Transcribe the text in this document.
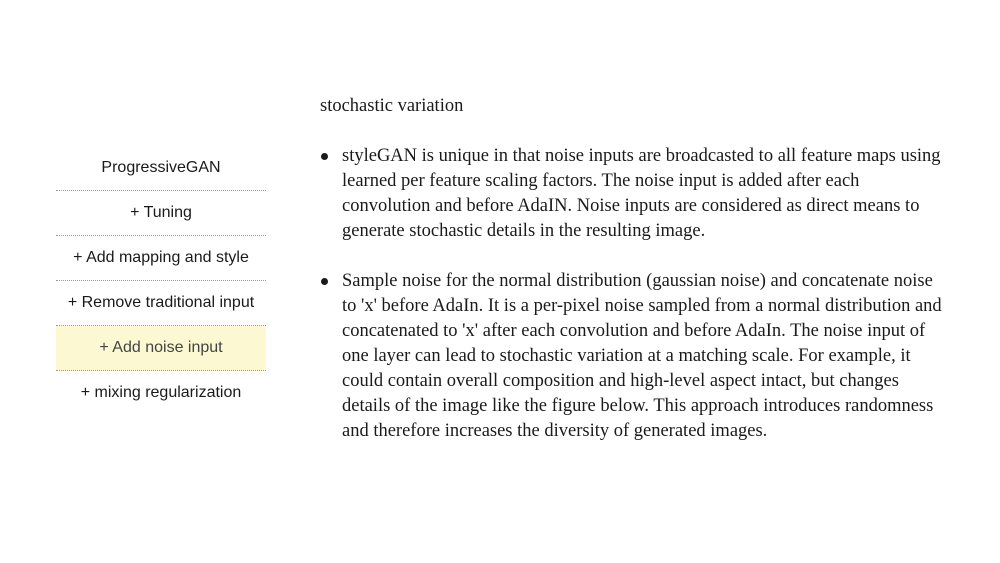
ProgressiveGAN
+ Tuning
+ Add mapping and style
+ Remove traditional input
+ Add noise input
+ mixing regularization
stochastic variation
styleGAN is unique in that noise inputs are broadcasted to all feature maps using learned per feature scaling factors. The noise input is added after each convolution and before AdaIN. Noise inputs are considered as direct means to generate stochastic details in the resulting image.
Sample noise for the normal distribution (gaussian noise) and concatenate noise to 'x' before AdaIn. It is a per-pixel noise sampled from a normal distribution and concatenated to 'x' after each convolution and before AdaIn. The noise input of one layer can lead to stochastic variation at a matching scale. For example, it could contain overall composition and high-level aspect intact, but changes details of the image like the figure below. This approach introduces randomness and therefore increases the diversity of generated images.
